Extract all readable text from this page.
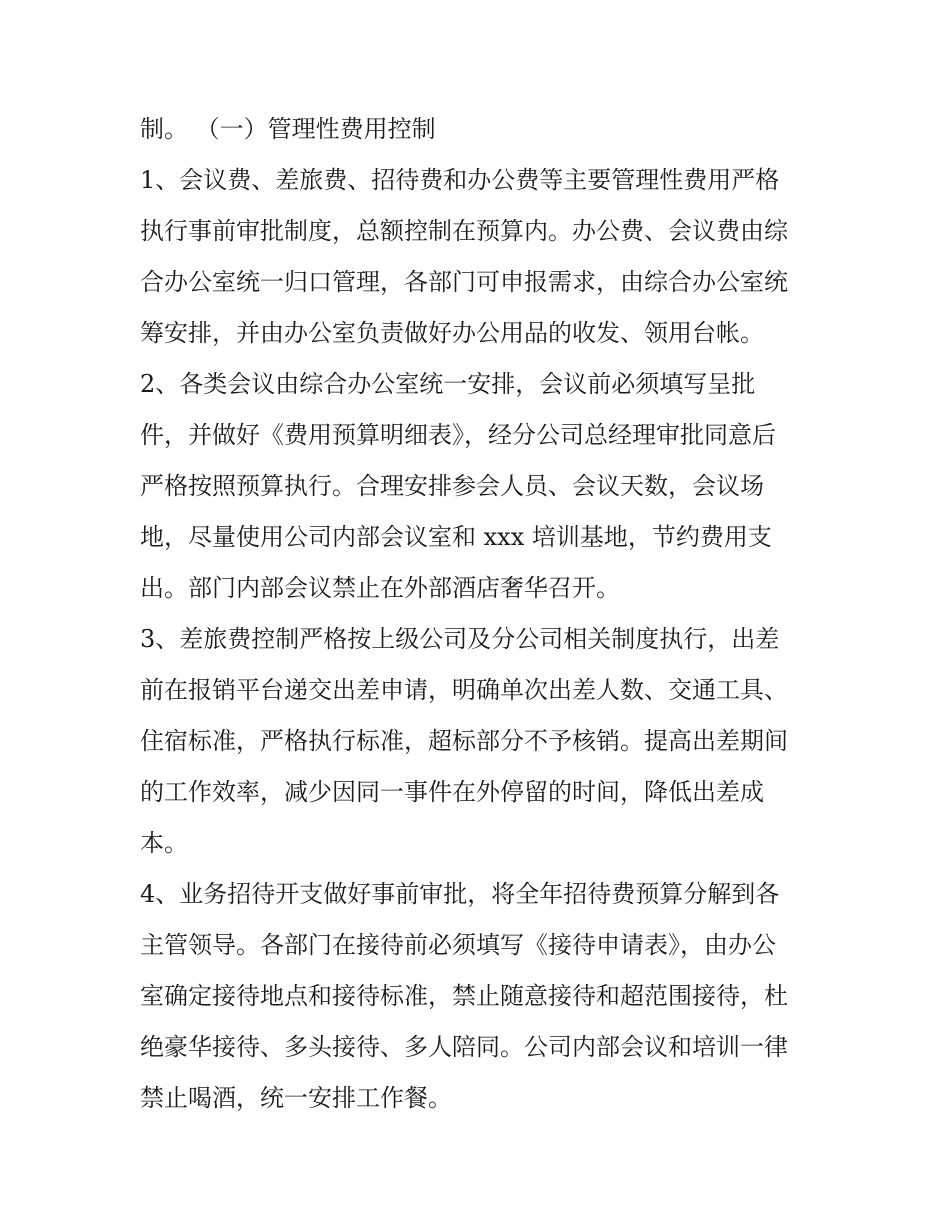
制。 （一）管理性费用控制
1、会议费、差旅费、招待费和办公费等主要管理性费用严格
执行事前审批制度，总额控制在预算内。办公费、会议费由综
合办公室统一归口管理，各部门可申报需求，由综合办公室统
筹安排，并由办公室负责做好办公用品的收发、领用台帐。
2、各类会议由综合办公室统一安排，会议前必须填写呈批
件，并做好《费用预算明细表》，经分公司总经理审批同意后
严格按照预算执行。合理安排参会人员、会议天数，会议场
地，尽量使用公司内部会议室和 xxx 培训基地，节约费用支
出。部门内部会议禁止在外部酒店奢华召开。
3、差旅费控制严格按上级公司及分公司相关制度执行，出差
前在报销平台递交出差申请，明确单次出差人数、交通工具、
住宿标准，严格执行标准，超标部分不予核销。提高出差期间
的工作效率，减少因同一事件在外停留的时间，降低出差成
本。
4、业务招待开支做好事前审批，将全年招待费预算分解到各
主管领导。各部门在接待前必须填写《接待申请表》，由办公
室确定接待地点和接待标准，禁止随意接待和超范围接待，杜
绝豪华接待、多头接待、多人陪同。公司内部会议和培训一律
禁止喝酒，统一安排工作餐。
